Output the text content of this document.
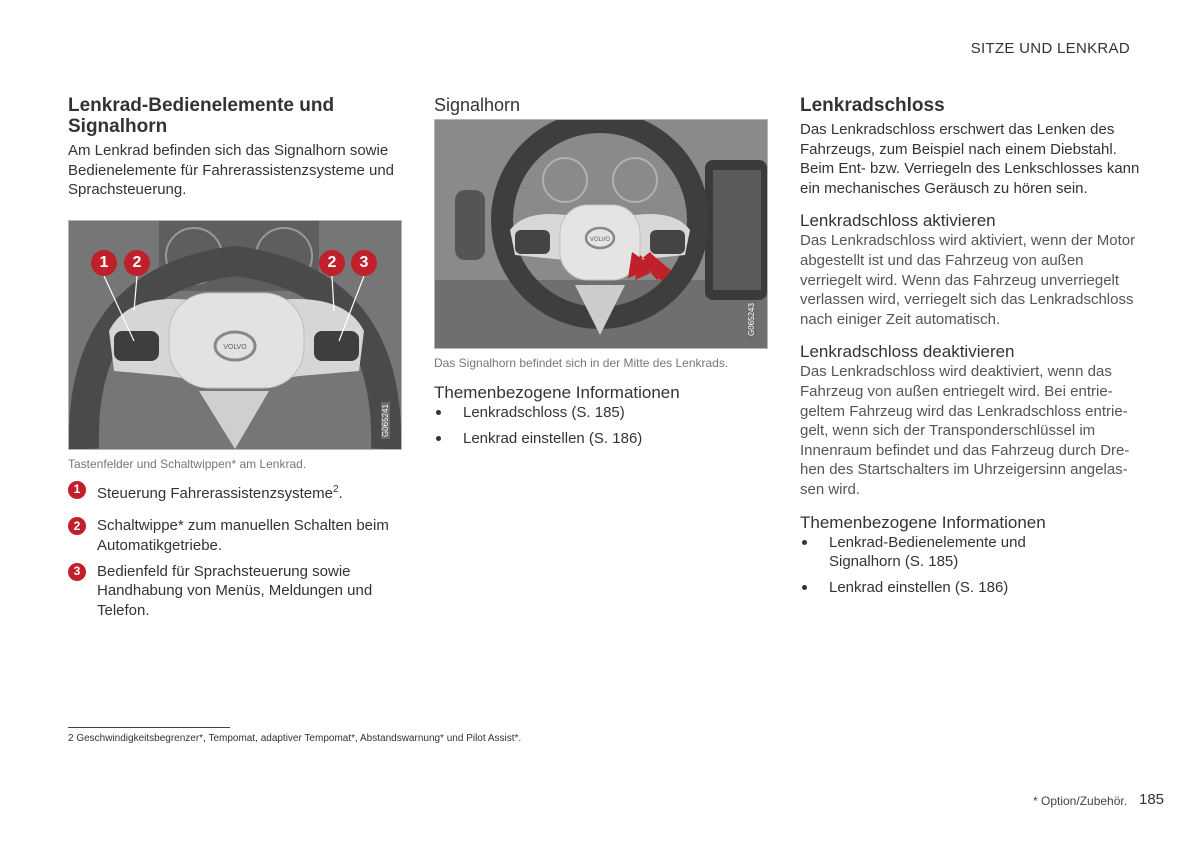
SITZE UND LENKRAD
Lenkrad-Bedienelemente und
Signalhorn

Am Lenkrad befinden sich das Signalhorn sowie Bedienelemente für Fahrerassistenzsysteme und Sprachsteuerung.

VOLVO
1	2	2	3
G065241
Tastenfelder und Schaltwippen* am Lenkrad.
1	Steuerung Fahrerassistenzsysteme$^2$.
2	Schaltwippe* zum manuellen Schalten beim Automatikgetriebe.
3	Bedienfeld für Sprachsteuerung sowie Handhabung von Menüs, Meldungen und Telefon.
Signalhorn
VOLVO
G065243
Das Signalhorn befindet sich in der Mitte des Lenkrads.
Themenbezogene Informationen
Lenkradschloss (S. 185)
Lenkrad einstellen (S. 186)
Lenkradschloss

Das Lenkradschloss erschwert das Lenken des Fahrzeugs, zum Beispiel nach einem Diebstahl. Beim Ent- bzw. Verriegeln des Lenkschlosses kann ein mechanisches Geräusch zu hören sein.

Lenkradschloss aktivieren

Das Lenkradschloss wird aktiviert, wenn der Motor abgestellt ist und das Fahrzeug von außen verriegelt wird. Wenn das Fahrzeug unverriegelt verlassen wird, verriegelt sich das Lenkradschloss nach einiger Zeit automatisch.

Lenkradschloss deaktivieren

Das Lenkradschloss wird deaktiviert, wenn das Fahrzeug von außen entriegelt wird. Bei entrie-geltem Fahrzeug wird das Lenkradschloss entrie-gelt, wenn sich der Transponderschlüssel im Innenraum befindet und das Fahrzeug durch Dre-hen des Startschalters im Uhrzeigersinn angelas-sen wird.

Themenbezogene Informationen
Lenkrad-Bedienelemente und Signalhorn (S. 185)
Lenkrad einstellen (S. 186)
2 Geschwindigkeitsbegrenzer*, Tempomat, adaptiver Tempomat*, Abstandswarnung* und Pilot Assist*.
* Option/Zubehör. 185
